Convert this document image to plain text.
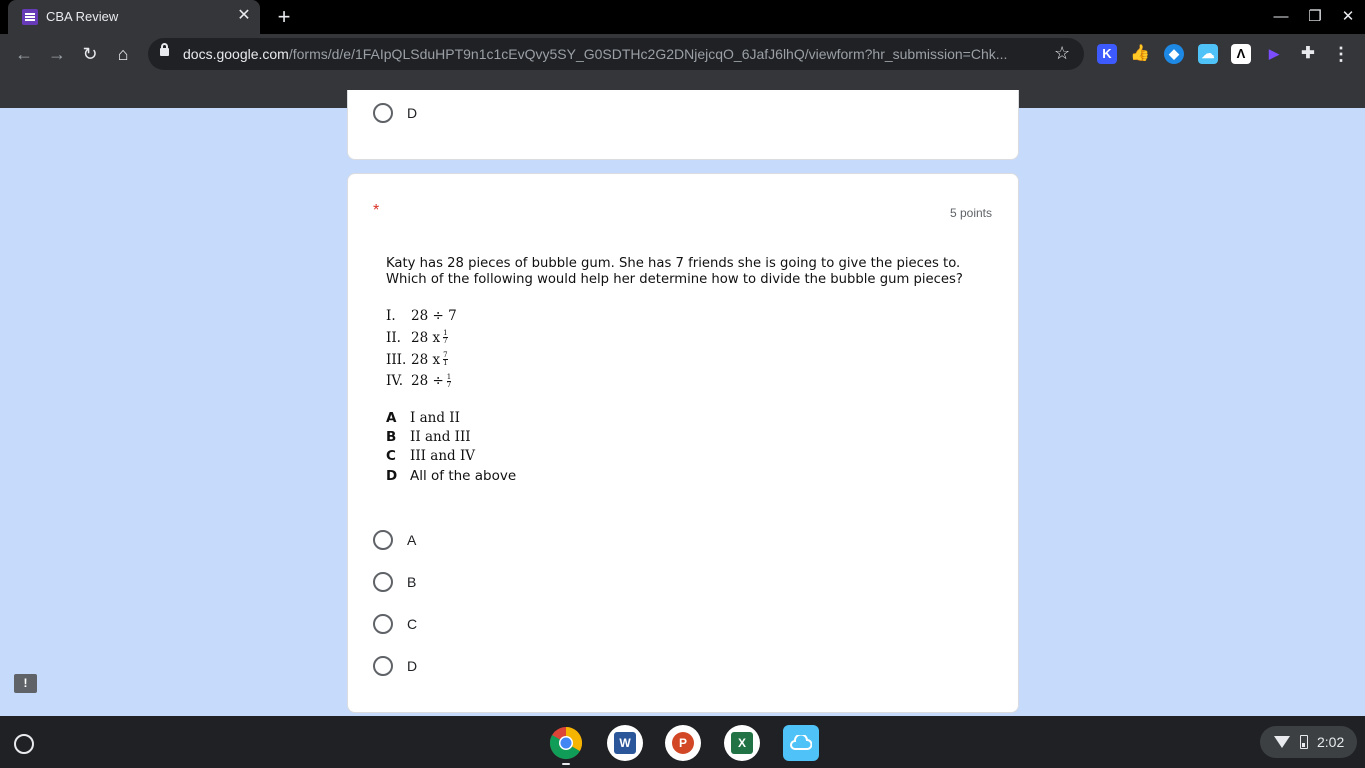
CBA Review	✕ +	—	❐	✕
← → ↻	⌂	docs.google.com/forms/d/e/1FAIpQLSduHPT9n1c1cEvQvy5SY_G0SDTHc2G2DNjejcqO_6JafJ6lhQ/viewform?hr_submission=Chk...	☆	K	👍	◆	☁	Λ	▶	✚ ⋮
D
*	5 points
Katy has 28 pieces of bubble gum. She has 7 friends she is going to give the pieces to. Which of the following would help her determine how to divide the bubble gum pieces?
I.	28 ÷ 7
II. 28 x $\frac{1}{7}$
III. 28 x $\frac{7}{1}$
IV. $28 \div \frac{1}{7}$
A	I and II
B	II and III
C	III and IV
D All of the above
A
B
C
D
!
W	P	X	2:02
